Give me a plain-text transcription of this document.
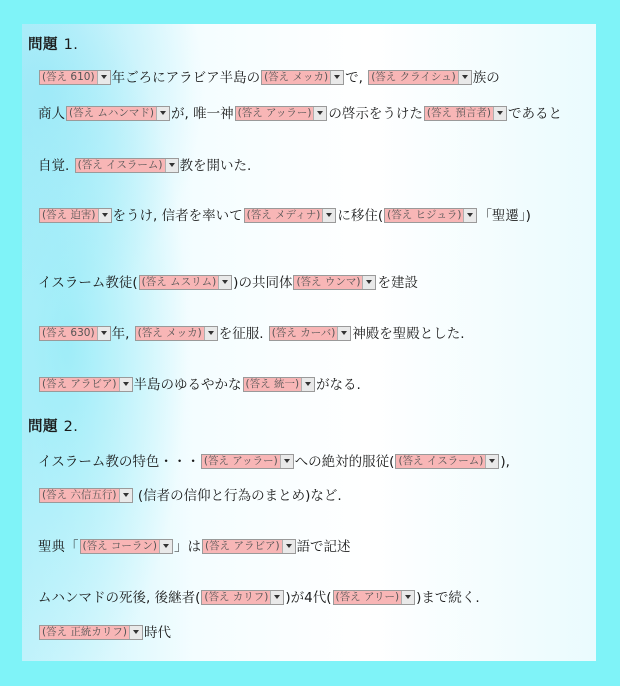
問題 1.
(答え 610) 年ごろにアラビア半島の (答え メッカ) で, (答え クライシュ) 族の
商人 (答え ムハンマド) が, 唯一神 (答え アッラー) の啓示をうけた (答え 預言者) であると
自覚. (答え イスラーム) 教を開いた.
(答え 迫害) をうけ, 信者を率いて (答え メディナ) に移住( (答え ヒジュラ) 「聖遷」)
イスラーム教徒( (答え ムスリム) )の共同体 (答え ウンマ) を建設
(答え 630) 年, (答え メッカ) を征服. (答え カーバ) 神殿を聖殿とした.
(答え アラビア) 半島のゆるやかな (答え 統一) がなる.
問題 2.
イスラーム教の特色・・・ (答え アッラー) への絶対的服従( (答え イスラーム) ),
(答え 六信五行) (信者の信仰と行為のまとめ)など.
聖典「 (答え コーラン) 」は (答え アラビア) 語で記述
ムハンマドの死後, 後継者( (答え カリフ) )が4代( (答え アリー) )まで続く.
(答え 正統カリフ) 時代
